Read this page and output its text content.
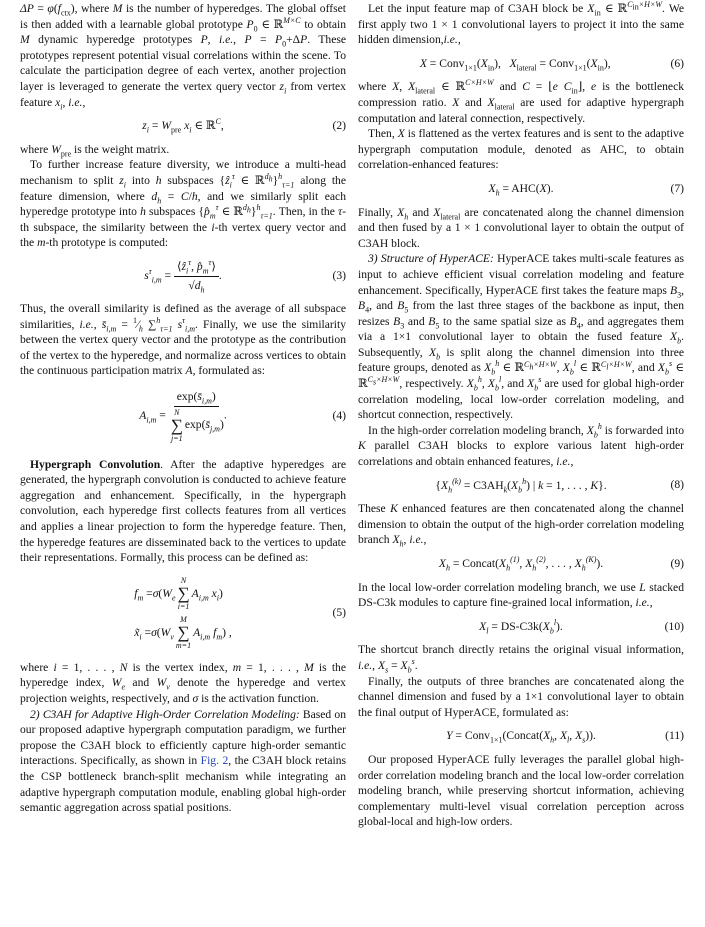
$\Delta P = \varphi(f_{ctx})$, where M is the number of hyperedges. The global offset is then added with a learnable global prototype $P_0$ ∈ ℝ$^{M\times C}$ to obtain M dynamic hyperedge prototypes P, i.e., $P = P_0+\Delta P$. These prototypes represent potential visual correlations within the scene. To calculate the participation degree of each vertex, another projection layer is leveraged to generate the vertex query vector $z_i$ from vertex feature $x_i$, i.e.,

$z_i = W_{pre}$ $x_i$ ∈ ℝ$^C$,	(2)

where $W_{pre}$ is the weight matrix.

To further increase feature diversity, we introduce a multi-head mechanism to split $z_i$ into h subspaces {ẑ$_i^\tau$ ∈ ℝ$^{d_h}$}$^h_{\tau=1}$ along the feature dimension, where $d_h = C/h$, and we similarly split each hyperedge prototype into h subspaces {$p̂_m^\tau$ ∈ ℝ$^{d_h}$}$^h_{\tau=1}$. Then, in the τ-th subspace, the similarity between the i-th vertex query vector and the m-th prototype is computed:

$s^\tau_{i,m} = \frac{⟨ẑ_i^\tau, p̂_m^\tau⟩}{√d_h}$ .	(3)

Thus, the overall similarity is defined as the average of all subspace similarities, i.e., $s̄_{i,m}$ = $^1⁄_h$ ∑$^h_{\tau=1}$ $s^\tau_{i,m}$. Finally, we use the similarity between the vertex query vector and the prototype as the contribution of the vertex to the hyperedge, and normalize across vertices to obtain the continuous participation matrix A, formulated as:

$A_{i,m}$ = $\exp(s̄_{i,m})$
N
∑
j=1
$\exp(s̄_{j,m})$ .	(4)

Hypergraph Convolution. After the adaptive hyperedges are generated, the hypergraph convolution is conducted to achieve feature aggregation and enhancement. Specifically, in the hypergraph convolution, each hyperedge first collects features from all vertices and applies a linear projection to form the hyperedge feature. Then, the hyperedge features are disseminated back to the vertices to update their representations. Formally, this process can be defined as:

$f_m = \sigma$ ( $W_e$
N
∑
i=1
$A_{i,m}$
$x_i$ )
$x̃_i = \sigma$ ( $W_v$
M
∑
m=1
$A_{i,m}$
$f_m$ ) ,
(5)

where i = 1, . . . , N is the vertex index, m = 1, . . . , M is the hyperedge index, $W_e$ and $W_v$ denote the hyperedge and vertex projection weights, respectively, and σ is the activation function.

2) C3AH for Adaptive High-Order Correlation Modeling: Based on our proposed adaptive hypergraph computation paradigm, we further propose the C3AH block to efficiently capture high-order semantic interactions. Specifically, as shown in Fig. 2, the C3AH block retains the CSP bottleneck branch-split mechanism while integrating an adaptive hypergraph computation module, enabling global high-order semantic aggregation across spatial positions.

Let the input feature map of C3AH block be $X_{in}$ ∈ ℝ$^{C_{in}\times H\times W}$. We first apply two 1 × 1 convolutional layers to project it into the same hidden dimension,i.e.,

$X = Conv_{1\times 1}(X_{in})$,   $X_{lateral}$ = $Conv_{1\times 1}(X_{in})$,	(6)

where X, $X_{lateral}$ ∈ ℝ$^{C\times H\times W}$ and C = ⌊e $C_{in}⌋$, e is the bottleneck compression ratio. X and $X_{lateral}$ are used for adaptive hypergraph computation and lateral connection, respectively.

Then, X is flattened as the vertex features and is sent to the adaptive hypergraph computation module, denoted as AHC, to obtain correlation-enhanced features:

$X_h = AHC(X)$.	(7)

Finally, $X_h$ and $X_{lateral}$ are concatenated along the channel dimension and then fused by a 1 × 1 convolutional layer to obtain the output of C3AH block.

3) Structure of HyperACE: HyperACE takes multi-scale features as input to achieve efficient visual correlation modeling and feature enhancement. Specifically, HyperACE first takes the feature maps $B_3$, $B_4$, and $B_5$ from the last three stages of the backbone as input, then resizes $B_3$ and $B_5$ to the same spatial size as $B_4$, and aggregates them via a 1×1 convolutional layer to obtain the fused feature $X_b$. Subsequently, $X_b$ is split along the channel dimension into three feature groups, denoted as $X_b^h$ ∈ ℝ$^{C_h\times H\times W}$, $X_b^l$ ∈ ℝ$^{C_l\times H\times W}$, and $X_b^s$ ∈ ℝ$^{C_s\times H\times W}$, respectively. $X_b^h$, $X_b^l$, and $X_b^s$ are used for global high-order correlation modeling, local low-order correlation modeling, and shortcut connection, respectively.

In the high-order correlation modeling branch, $X_b^h$ is forwarded into K parallel C3AH blocks to explore various latent high-order correlations and obtain enhanced features, i.e.,

{$X_h^{(k)} = C3AH_k(X_b^h)$ | k = 1, . . . , K}.	(8)

These K enhanced features are then concatenated along the channel dimension to obtain the output of the high-order correlation modeling branch $X_h$, i.e.,

$X_h$ = $Concat(X_h^{(1)}$, $X_h^{(2)}$, . . . , $X_h^{(K)}$).	(9)

In the local low-order correlation modeling branch, we use L stacked DS-C3k modules to capture fine-grained local information, i.e.,

$X_l = DS-C3k(X_b^l)$.	(10)

The shortcut branch directly retains the original visual information, i.e., $X_s = X_b^s$.

Finally, the outputs of three branches are concatenated along the channel dimension and fused by a 1×1 convolutional layer to obtain the final output of HyperACE, formulated as:

$Y = Conv_{1\times 1}(Concat(X_h$, $X_l$, $X_s$)).	(11)

Our proposed HyperACE fully leverages the parallel global high-order correlation modeling branch and the local low-order correlation modeling branch, while preserving shortcut information, achieving complementary multi-level visual correlation perception across global-local and high-low orders.
